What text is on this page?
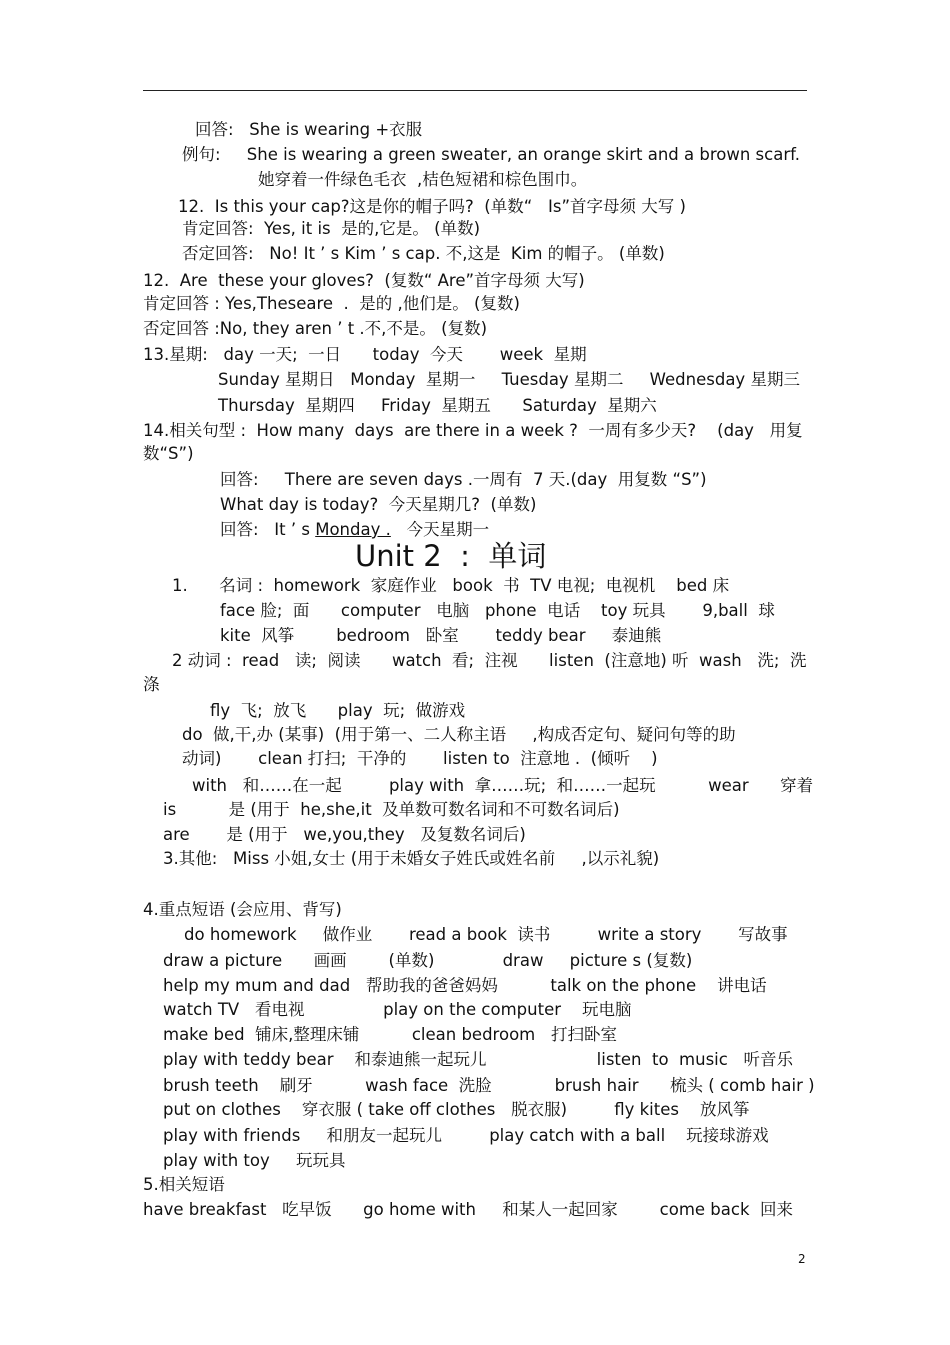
回答:   She is wearing +衣服
例句:     She is wearing a green sweater, an orange skirt and a brown scarf.
她穿着一件绿色毛衣  ,桔色短裙和棕色围巾。
12.  Is this your cap?这是你的帽子吗?  (单数“   Is”首字母须 大写 )
肯定回答:  Yes, it is  是的,它是。 (单数)
否定回答:   No! It ’ s Kim ’ s cap. 不,这是  Kim 的帽子。 (单数)
12.  Are  these your gloves?  (复数“ Are”首字母须 大写)
肯定回答 : Yes,Theseare  .  是的 ,他们是。 (复数)
否定回答 :No, they aren ’ t .不,不是。 (复数)
13.星期:   day 一天;  一日      today  今天       week  星期
Sunday 星期日   Monday  星期一     Tuesday 星期二     Wednesday 星期三
Thursday  星期四     Friday  星期五      Saturday  星期六
14.相关句型 :  How many  days  are there in a week ?  一周有多少天?    (day   用复
数“S”)
回答:     There are seven days .一周有  7 天.(day  用复数 “S”)
What day is today?  今天星期几?  (单数)
回答:   It ’ s Monday .   今天星期一
Unit 2  :  单词
1.      名词 :  homework  家庭作业   book  书  TV 电视;  电视机    bed 床
face 脸;  面      computer   电脑   phone  电话    toy 玩具       9,ball  球
kite  风筝        bedroom   卧室       teddy bear     泰迪熊
2 动词 :  read   读;  阅读      watch  看;  注视      listen  (注意地) 听  wash   洗;  洗
涤
fly  飞;  放飞      play  玩;  做游戏
do  做,干,办 (某事)  (用于第一、二人称主语     ,构成否定句、疑问句等的助
动词)       clean 打扫;  干净的       listen to  注意地 .  (倾听    )
with   和……在一起         play with  拿……玩;  和……一起玩          wear      穿着
is          是 (用于  he,she,it  及单数可数名词和不可数名词后)
are       是 (用于   we,you,they   及复数名词后)
3.其他:   Miss 小姐,女士 (用于未婚女子姓氏或姓名前     ,以示礼貌)
4.重点短语 (会应用、背写)
do homework     做作业       read a book  读书         write a story       写故事
draw a picture      画画        (单数)             draw     picture s (复数)
help my mum and dad   帮助我的爸爸妈妈          talk on the phone    讲电话
watch TV   看电视               play on the computer    玩电脑
make bed  铺床,整理床铺          clean bedroom   打扫卧室
play with teddy bear    和泰迪熊一起玩儿                     listen  to  music   听音乐
brush teeth    刷牙          wash face  洗脸            brush hair      梳头 ( comb hair )
put on clothes    穿衣服 ( take off clothes   脱衣服)         fly kites    放风筝
play with friends     和朋友一起玩儿         play catch with a ball    玩接球游戏
play with toy     玩玩具
5.相关短语
have breakfast   吃早饭      go home with     和某人一起回家        come back  回来
2
